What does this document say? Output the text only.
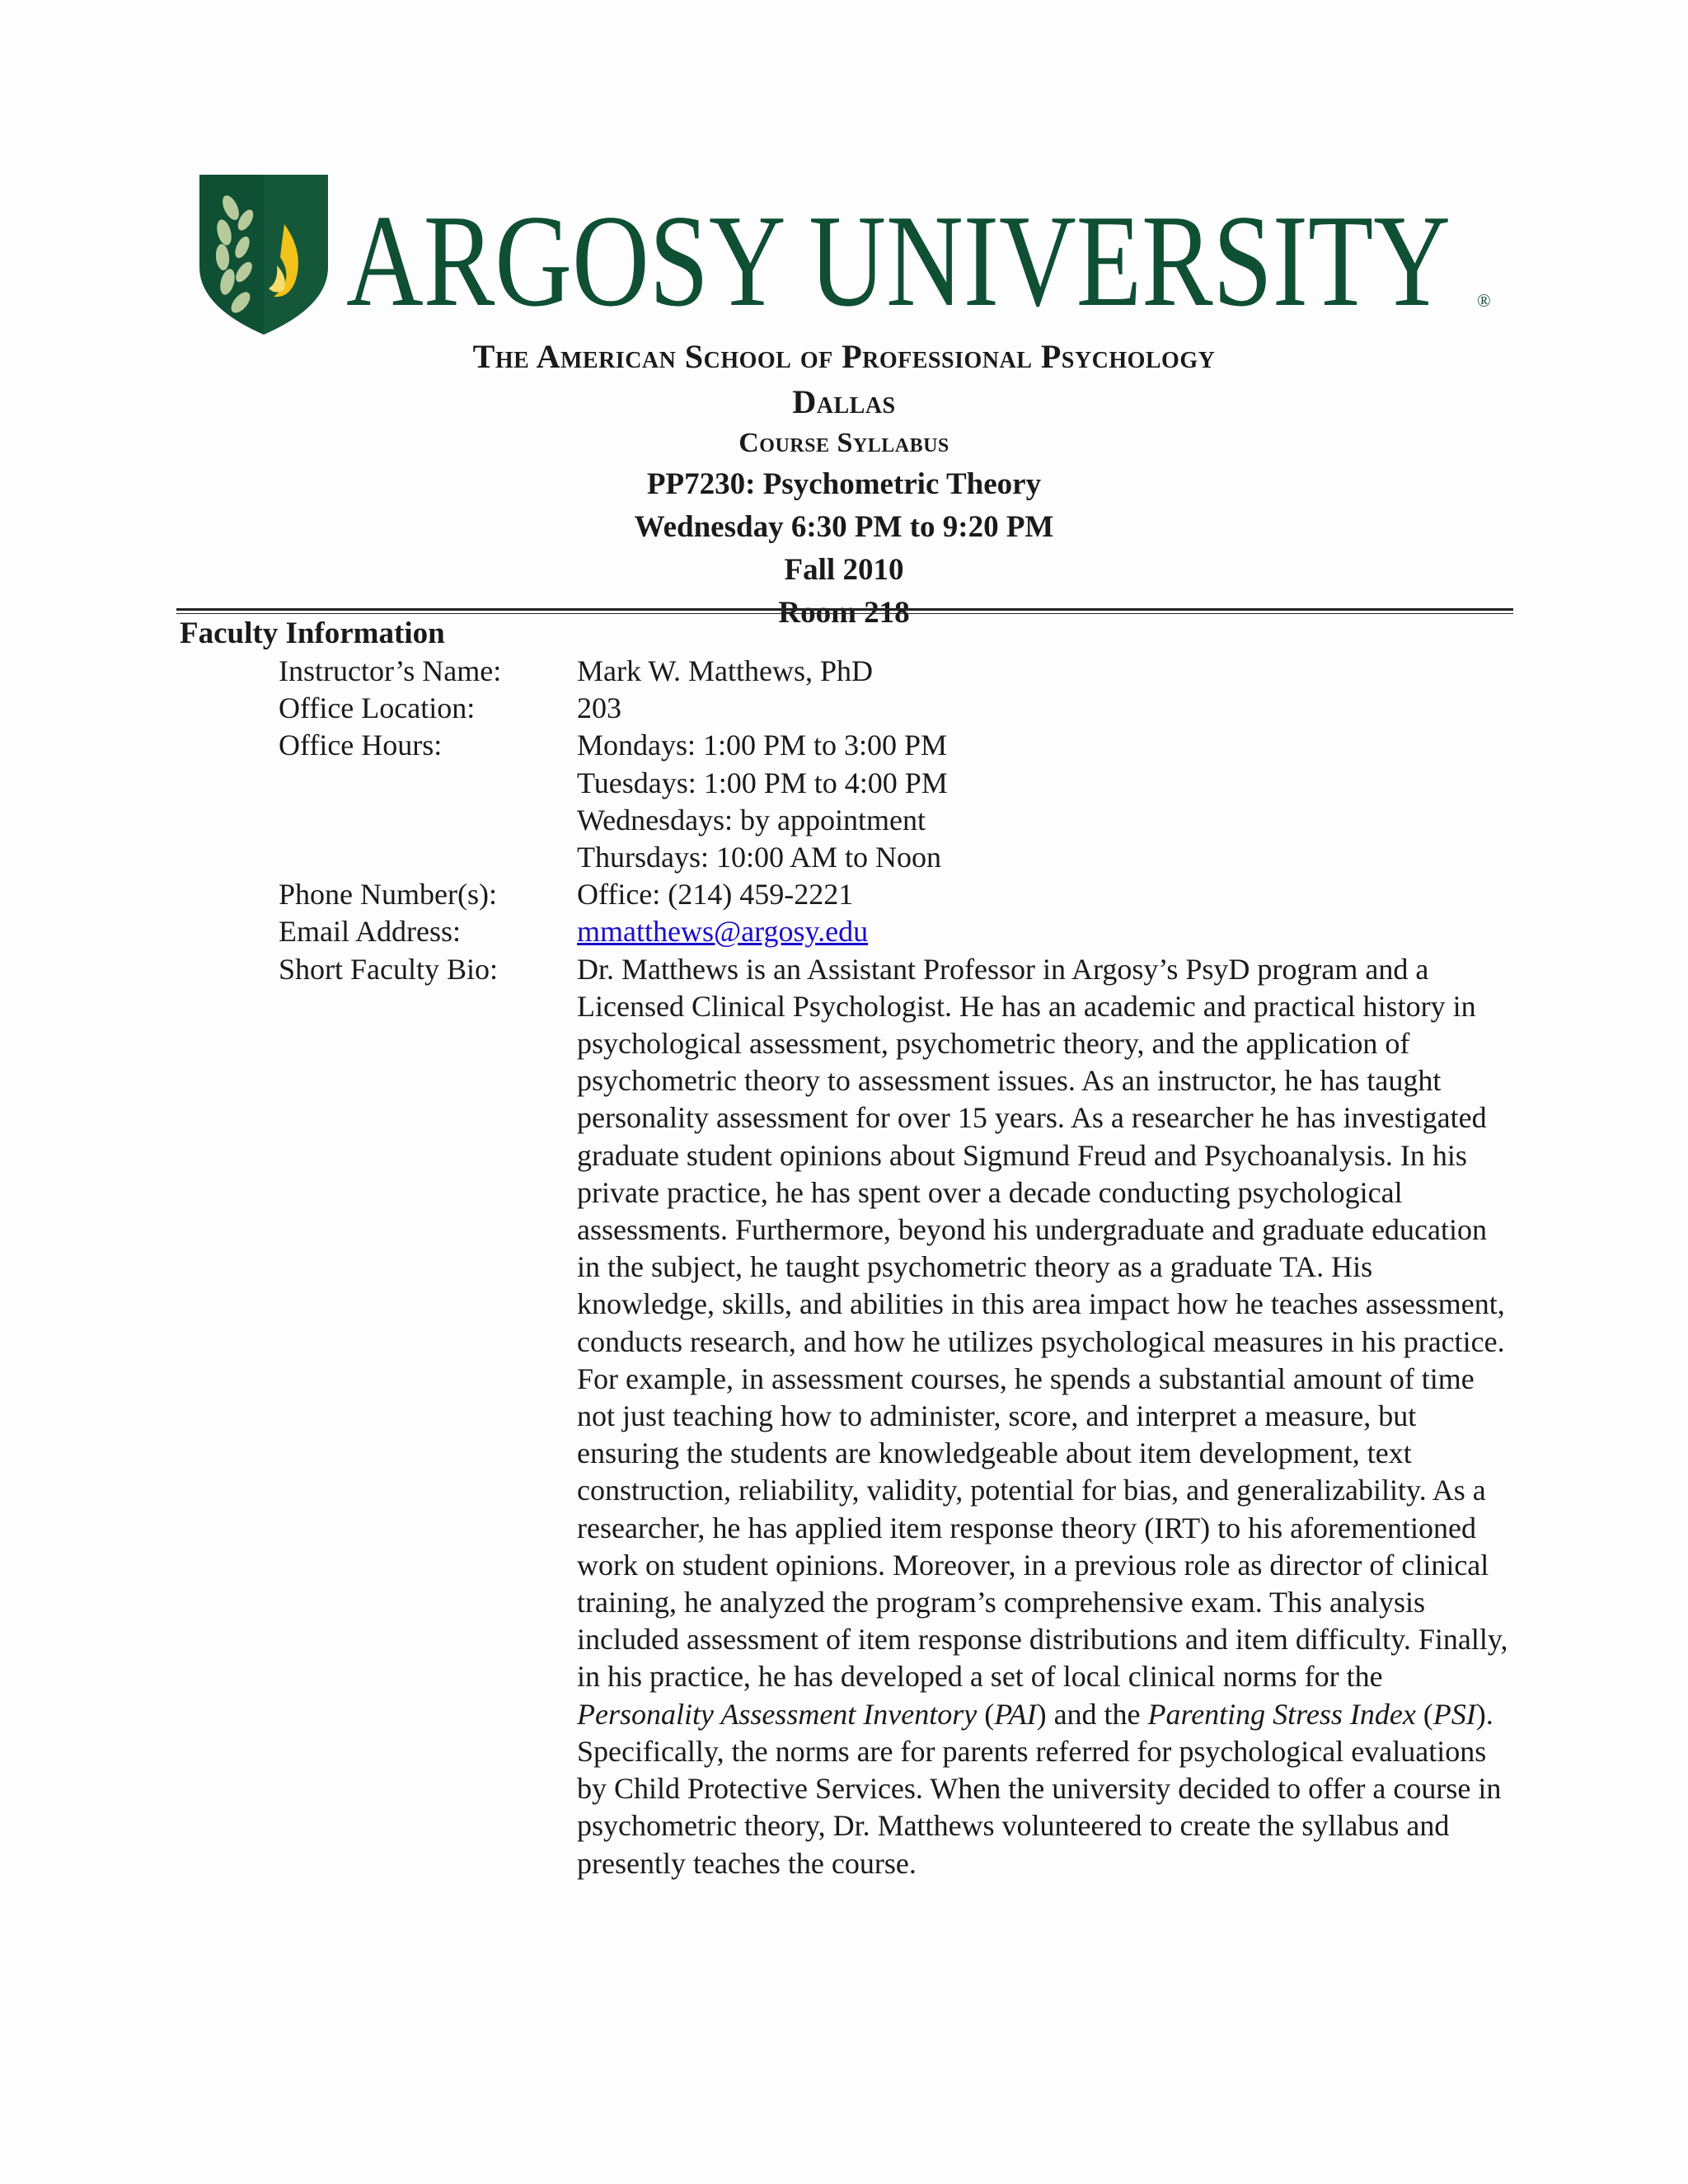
ARGOSY UNIVERSITY ®
The American School of Professional Psychology
Dallas
Course Syllabus
PP7230: Psychometric Theory
Wednesday 6:30 PM to 9:20 PM
Fall 2010
Room 218
Faculty Information
Instructor’s Name:	Mark W. Matthews, PhD
Office Location:	203
Office Hours:	Mondays: 1:00 PM to 3:00 PM
Tuesdays: 1:00 PM to 4:00 PM
Wednesdays: by appointment
Thursdays: 10:00 AM to Noon
Phone Number(s):	Office: (214) 459-2221
Email Address:	mmatthews@argosy.edu
Short Faculty Bio:	Dr. Matthews is an Assistant Professor in Argosy’s PsyD program and a Licensed Clinical Psychologist. He has an academic and practical history in psychological assessment, psychometric theory, and the application of psychometric theory to assessment issues. As an instructor, he has taught personality assessment for over 15 years. As a researcher he has investigated graduate student opinions about Sigmund Freud and Psychoanalysis. In his private practice, he has spent over a decade conducting psychological assessments. Furthermore, beyond his undergraduate and graduate education in the subject, he taught psychometric theory as a graduate TA. His knowledge, skills, and abilities in this area impact how he teaches assessment, conducts research, and how he utilizes psychological measures in his practice. For example, in assessment courses, he spends a substantial amount of time not just teaching how to administer, score, and interpret a measure, but ensuring the students are knowledgeable about item development, text construction, reliability, validity, potential for bias, and generalizability. As a researcher, he has applied item response theory (IRT) to his aforementioned work on student opinions. Moreover, in a previous role as director of clinical training, he analyzed the program’s comprehensive exam. This analysis included assessment of item response distributions and item difficulty. Finally, in his practice, he has developed a set of local clinical norms for the Personality Assessment Inventory (PAI) and the Parenting Stress Index (PSI). Specifically, the norms are for parents referred for psychological evaluations by Child Protective Services. When the university decided to offer a course in psychometric theory, Dr. Matthews volunteered to create the syllabus and presently teaches the course.
